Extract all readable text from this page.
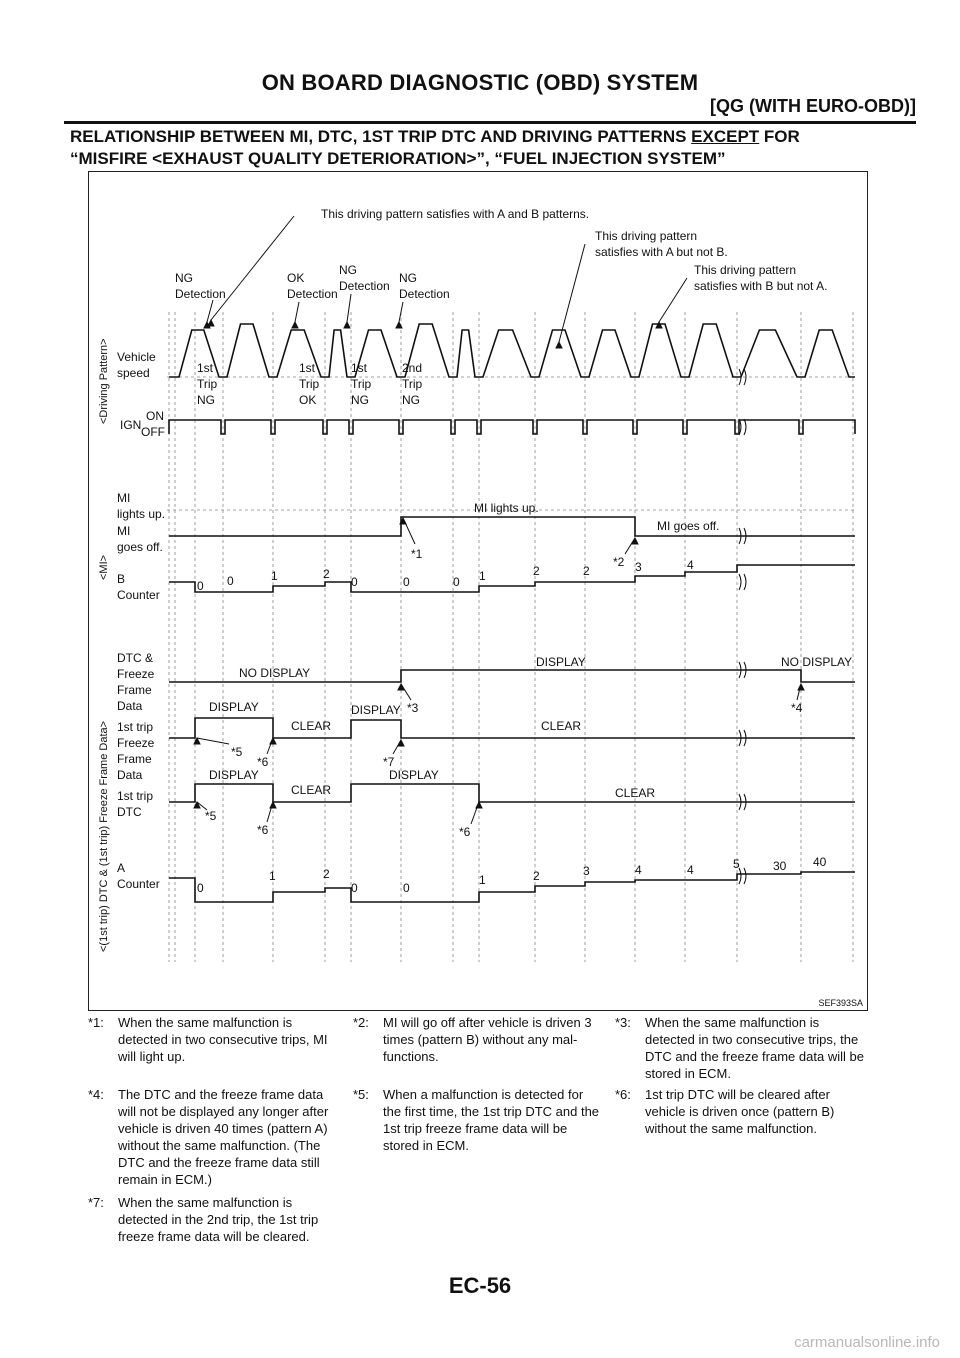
ON BOARD DIAGNOSTIC (OBD) SYSTEM
[QG (WITH EURO-OBD)]
RELATIONSHIP BETWEEN MI, DTC, 1ST TRIP DTC AND DRIVING PATTERNS EXCEPT FOR
“MISFIRE <EXHAUST QUALITY DETERIORATION>”, “FUEL INJECTION SYSTEM”
This driving pattern satisfies with A and B patterns.
This driving pattern
satisfies with A but not B.
This driving pattern
satisfies with B but not A.
NG
Detection
OK
Detection
NG
Detection
NG
Detection
<Driving Pattern>
<MI>
<(1st trip) DTC & (1st trip) Freeze Frame Data>
Vehicle
speed
IGN
ON
OFF
MI
lights up.
MI
goes off.
B
Counter
DTC &
Freeze
Frame
Data
1st trip
Freeze
Frame
Data
1st trip
DTC
A
Counter
1st
Trip
NG
1st
Trip
OK
1st
Trip
NG
2nd
Trip
NG
MI lights up.
MI goes off.
0 0	1	2
0	0	0 1	2	2	3	4
NO DISPLAY
DISPLAY	NO DISPLAY
DISPLAY
CLEAR
DISPLAY
CLEAR
DISPLAY
CLEAR
DISPLAY
CLEAR
0
1	2
0	0
1	2	3	4	4	5	30 40
*1
*2
*3	*4
*5
*6	*7
*5
*6	*6
SEF393SA
*1:	When the same malfunction is detected in two consecutive trips, MI will light up.
*2:	MI will go off after vehicle is driven 3 times (pattern B) without any mal-functions.
*3:	When the same malfunction is detected in two consecutive trips, the DTC and the freeze frame data will be stored in ECM.
*4:	The DTC and the freeze frame data will not be displayed any longer after vehicle is driven 40 times (pattern A) without the same malfunction. (The DTC and the freeze frame data still remain in ECM.)
*5:	When a malfunction is detected for the first time, the 1st trip DTC and the 1st trip freeze frame data will be stored in ECM.
*6:	1st trip DTC will be cleared after vehicle is driven once (pattern B) without the same malfunction.
*7:	When the same malfunction is detected in the 2nd trip, the 1st trip freeze frame data will be cleared.
EC-56
carmanualsonline.info
